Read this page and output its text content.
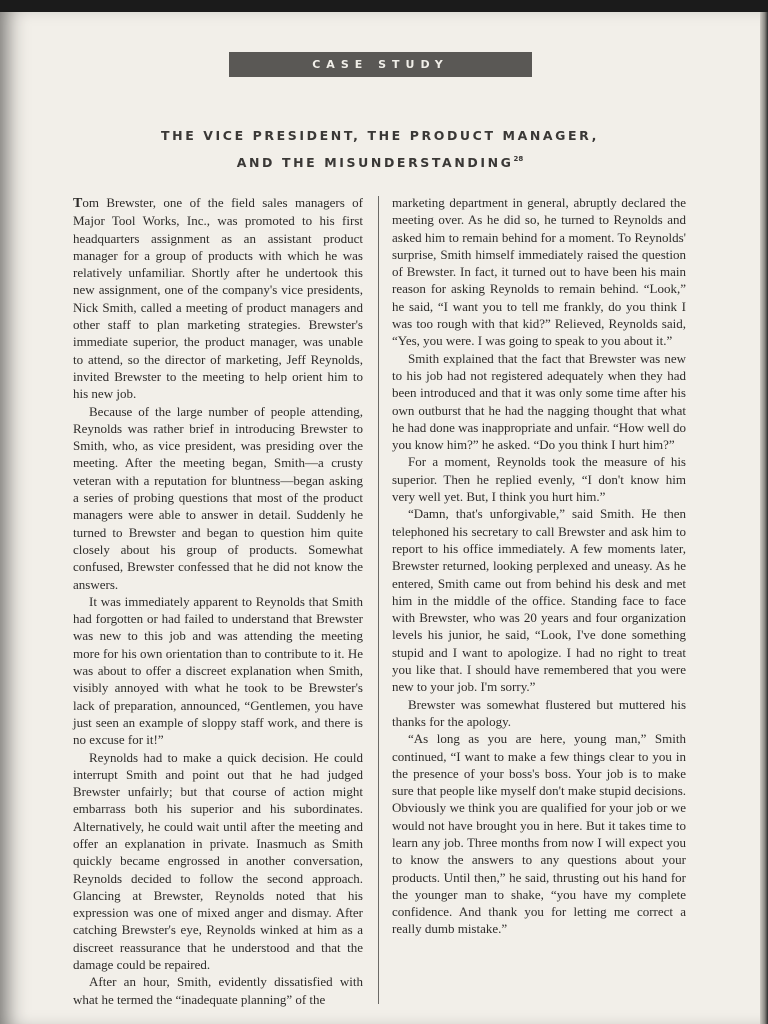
CASE STUDY
THE VICE PRESIDENT, THE PRODUCT MANAGER,
AND THE MISUNDERSTANDING$^{28}$

Tom Brewster, one of the field sales managers of Major Tool Works, Inc., was promoted to his first headquarters assignment as an assistant product manager for a group of products with which he was relatively unfamiliar. Shortly after he undertook this new assignment, one of the company's vice presidents, Nick Smith, called a meeting of product managers and other staff to plan marketing strategies. Brewster's immediate superior, the product manager, was unable to attend, so the director of marketing, Jeff Reynolds, invited Brewster to the meeting to help orient him to his new job.

Because of the large number of people attending, Reynolds was rather brief in introducing Brewster to Smith, who, as vice president, was presiding over the meeting. After the meeting began, Smith—a crusty veteran with a reputation for bluntness—began asking a series of probing questions that most of the product managers were able to answer in detail. Suddenly he turned to Brewster and began to question him quite closely about his group of products. Somewhat confused, Brewster confessed that he did not know the answers.

It was immediately apparent to Reynolds that Smith had forgotten or had failed to understand that Brewster was new to this job and was attending the meeting more for his own orientation than to contribute to it. He was about to offer a discreet explanation when Smith, visibly annoyed with what he took to be Brewster's lack of preparation, announced, “Gentlemen, you have just seen an example of sloppy staff work, and there is no excuse for it!”

Reynolds had to make a quick decision. He could interrupt Smith and point out that he had judged Brewster unfairly; but that course of action might embarrass both his superior and his subordinates. Alternatively, he could wait until after the meeting and offer an explanation in private. Inasmuch as Smith quickly became engrossed in another conversation, Reynolds decided to follow the second approach. Glancing at Brewster, Reynolds noted that his expression was one of mixed anger and dismay. After catching Brewster's eye, Reynolds winked at him as a discreet reassurance that he understood and that the damage could be repaired.

After an hour, Smith, evidently dissatisfied with what he termed the “inadequate planning” of the

marketing department in general, abruptly declared the meeting over. As he did so, he turned to Reynolds and asked him to remain behind for a moment. To Reynolds' surprise, Smith himself immediately raised the question of Brewster. In fact, it turned out to have been his main reason for asking Reynolds to remain behind. “Look,” he said, “I want you to tell me frankly, do you think I was too rough with that kid?” Relieved, Reynolds said, “Yes, you were. I was going to speak to you about it.”

Smith explained that the fact that Brewster was new to his job had not registered adequately when they had been introduced and that it was only some time after his own outburst that he had the nagging thought that what he had done was inappropriate and unfair. “How well do you know him?” he asked. “Do you think I hurt him?”

For a moment, Reynolds took the measure of his superior. Then he replied evenly, “I don't know him very well yet. But, I think you hurt him.”

“Damn, that's unforgivable,” said Smith. He then telephoned his secretary to call Brewster and ask him to report to his office immediately. A few moments later, Brewster returned, looking perplexed and uneasy. As he entered, Smith came out from behind his desk and met him in the middle of the office. Standing face to face with Brewster, who was 20 years and four organization levels his junior, he said, “Look, I've done something stupid and I want to apologize. I had no right to treat you like that. I should have remembered that you were new to your job. I'm sorry.”

Brewster was somewhat flustered but muttered his thanks for the apology.

“As long as you are here, young man,” Smith continued, “I want to make a few things clear to you in the presence of your boss's boss. Your job is to make sure that people like myself don't make stupid decisions. Obviously we think you are qualified for your job or we would not have brought you in here. But it takes time to learn any job. Three months from now I will expect you to know the answers to any questions about your products. Until then,” he said, thrusting out his hand for the younger man to shake, “you have my complete confidence. And thank you for letting me correct a really dumb mistake.”
